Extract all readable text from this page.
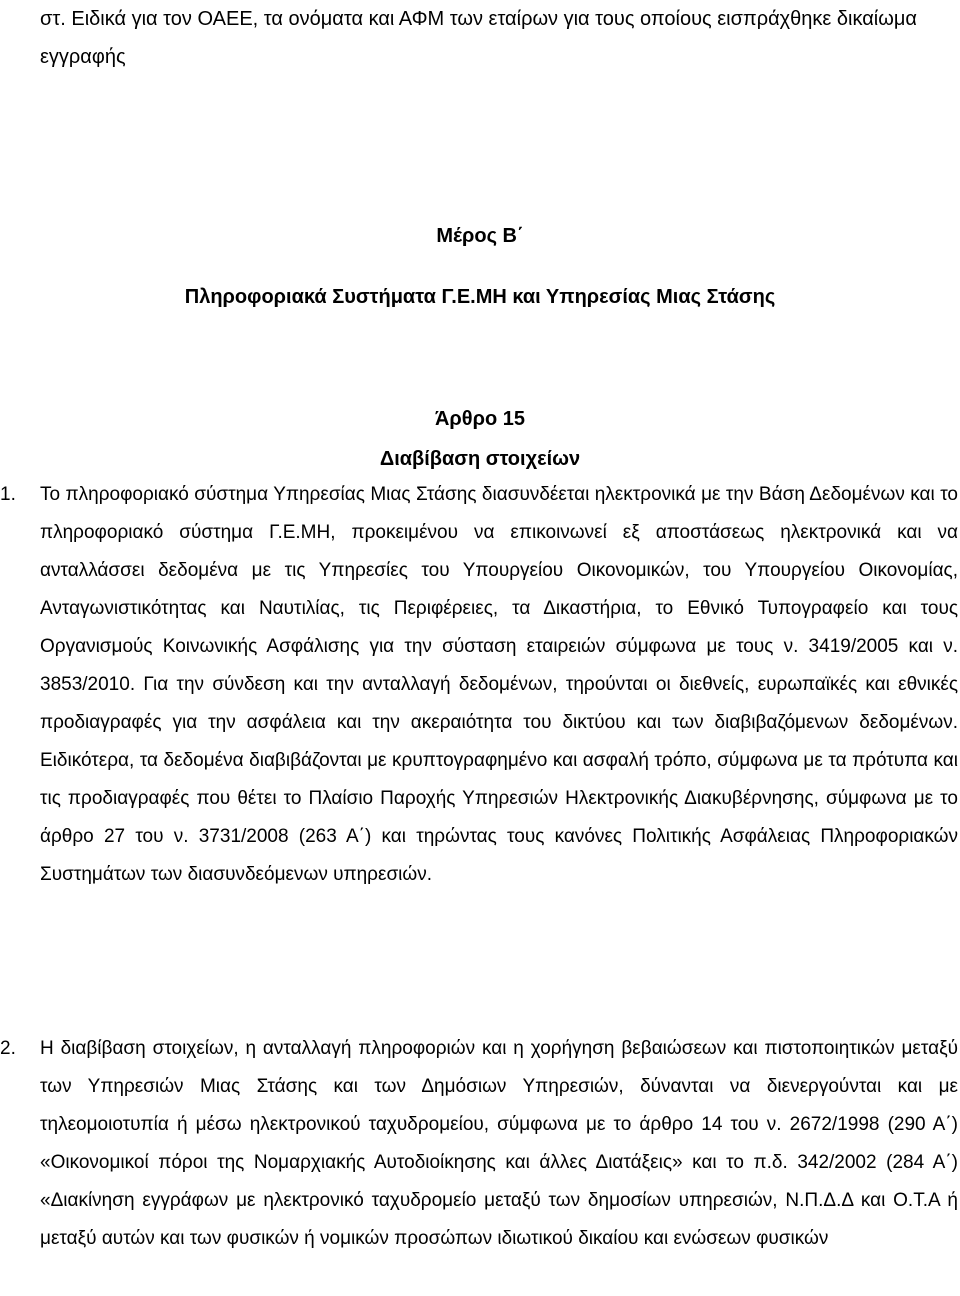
στ. Ειδικά για τον ΟΑΕΕ, τα ονόματα και ΑΦΜ των εταίρων για τους οποίους εισπράχθηκε δικαίωμα εγγραφής
Μέρος Β΄
Πληροφοριακά Συστήματα Γ.Ε.ΜΗ και Υπηρεσίας Μιας Στάσης
Άρθρο 15
Διαβίβαση στοιχείων
1. Το πληροφοριακό σύστημα Υπηρεσίας Μιας Στάσης διασυνδέεται ηλεκτρονικά με την Βάση Δεδομένων και το πληροφοριακό σύστημα Γ.Ε.ΜΗ, προκειμένου να επικοινωνεί εξ αποστάσεως ηλεκτρονικά και να ανταλλάσσει δεδομένα με τις Υπηρεσίες του Υπουργείου Οικονομικών, του Υπουργείου Οικονομίας, Ανταγωνιστικότητας και Ναυτιλίας, τις Περιφέρειες, τα Δικαστήρια, το Εθνικό Τυπογραφείο και τους Οργανισμούς Κοινωνικής Ασφάλισης για την σύσταση εταιρειών σύμφωνα με τους ν. 3419/2005 και ν. 3853/2010. Για την σύνδεση και την ανταλλαγή δεδομένων, τηρούνται οι διεθνείς, ευρωπαϊκές και εθνικές προδιαγραφές για την ασφάλεια και την ακεραιότητα του δικτύου και των διαβιβαζόμενων δεδομένων. Ειδικότερα, τα δεδομένα διαβιβάζονται με κρυπτογραφημένο και ασφαλή τρόπο, σύμφωνα με τα πρότυπα και τις προδιαγραφές που θέτει το Πλαίσιο Παροχής Υπηρεσιών Ηλεκτρονικής Διακυβέρνησης, σύμφωνα με το άρθρο 27 του ν. 3731/2008 (263 Α΄) και τηρώντας τους κανόνες Πολιτικής Ασφάλειας Πληροφοριακών Συστημάτων των διασυνδεόμενων υπηρεσιών.
2. Η διαβίβαση στοιχείων, η ανταλλαγή πληροφοριών και η χορήγηση βεβαιώσεων και πιστοποιητικών μεταξύ των Υπηρεσιών Μιας Στάσης και των Δημόσιων Υπηρεσιών, δύνανται να διενεργούνται και με τηλεομοιοτυπία ή μέσω ηλεκτρονικού ταχυδρομείου, σύμφωνα με το άρθρο 14 του ν. 2672/1998 (290 Α΄) «Οικονομικοί πόροι της Νομαρχιακής Αυτοδιοίκησης και άλλες Διατάξεις» και το π.δ. 342/2002 (284 Α΄) «Διακίνηση εγγράφων με ηλεκτρονικό ταχυδρομείο μεταξύ των δημοσίων υπηρεσιών, Ν.Π.Δ.Δ και Ο.Τ.Α ή μεταξύ αυτών και των φυσικών ή νομικών προσώπων ιδιωτικού δικαίου και ενώσεων φυσικών
